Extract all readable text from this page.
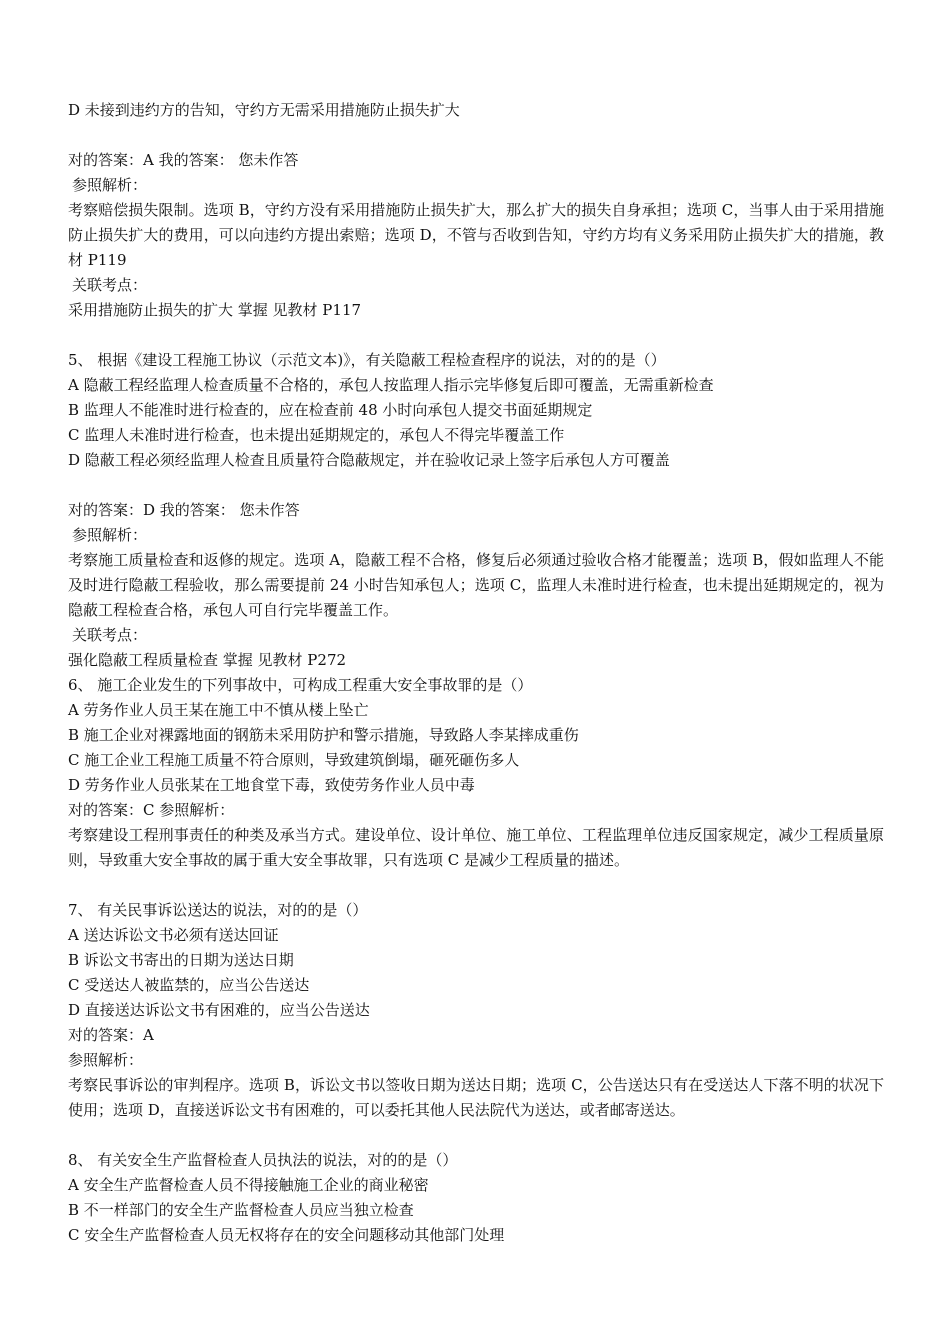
D 未接到违约方的告知，守约方无需采用措施防止损失扩大
对的答案：A 我的答案： 您未作答
参照解析：
考察赔偿损失限制。选项 B，守约方没有采用措施防止损失扩大，那么扩大的损失自身承担；选项 C，当事人由于采用措施防止损失扩大的费用，可以向违约方提出索赔；选项 D，不管与否收到告知，守约方均有义务采用防止损失扩大的措施，教材 P119
关联考点：
采用措施防止损失的扩大 掌握 见教材 P117
5、 根据《建设工程施工协议（示范文本)》，有关隐蔽工程检查程序的说法，对的的是（）
A 隐蔽工程经监理人检查质量不合格的，承包人按监理人指示完毕修复后即可覆盖，无需重新检查
B 监理人不能准时进行检查的，应在检查前 48 小时向承包人提交书面延期规定
C 监理人未准时进行检查，也未提出延期规定的，承包人不得完毕覆盖工作
D 隐蔽工程必须经监理人检查且质量符合隐蔽规定，并在验收记录上签字后承包人方可覆盖
对的答案：D 我的答案： 您未作答
参照解析：
考察施工质量检查和返修的规定。选项 A，隐蔽工程不合格，修复后必须通过验收合格才能覆盖；选项 B，假如监理人不能及时进行隐蔽工程验收，那么需要提前 24 小时告知承包人；选项 C，监理人未准时进行检查，也未提出延期规定的，视为隐蔽工程检查合格，承包人可自行完毕覆盖工作。
关联考点：
强化隐蔽工程质量检查 掌握 见教材 P272
6、 施工企业发生的下列事故中，可构成工程重大安全事故罪的是（）
A 劳务作业人员王某在施工中不慎从楼上坠亡
B 施工企业对裸露地面的钢筋未采用防护和警示措施，导致路人李某摔成重伤
C 施工企业工程施工质量不符合原则，导致建筑倒塌，砸死砸伤多人
D 劳务作业人员张某在工地食堂下毒，致使劳务作业人员中毒
对的答案：C 参照解析：
考察建设工程刑事责任的种类及承当方式。建设单位、设计单位、施工单位、工程监理单位违反国家规定，减少工程质量原则，导致重大安全事故的属于重大安全事故罪，只有选项 C 是减少工程质量的描述。
7、 有关民事诉讼送达的说法，对的的是（）
A 送达诉讼文书必须有送达回证
B 诉讼文书寄出的日期为送达日期
C 受送达人被监禁的，应当公告送达
D 直接送达诉讼文书有困难的，应当公告送达
对的答案：A
参照解析：
考察民事诉讼的审判程序。选项 B，诉讼文书以签收日期为送达日期；选项 C，公告送达只有在受送达人下落不明的状况下使用；选项 D，直接送诉讼文书有困难的，可以委托其他人民法院代为送达，或者邮寄送达。
8、 有关安全生产监督检查人员执法的说法，对的的是（）
A 安全生产监督检查人员不得接触施工企业的商业秘密
B 不一样部门的安全生产监督检查人员应当独立检查
C 安全生产监督检查人员无权将存在的安全问题移动其他部门处理
